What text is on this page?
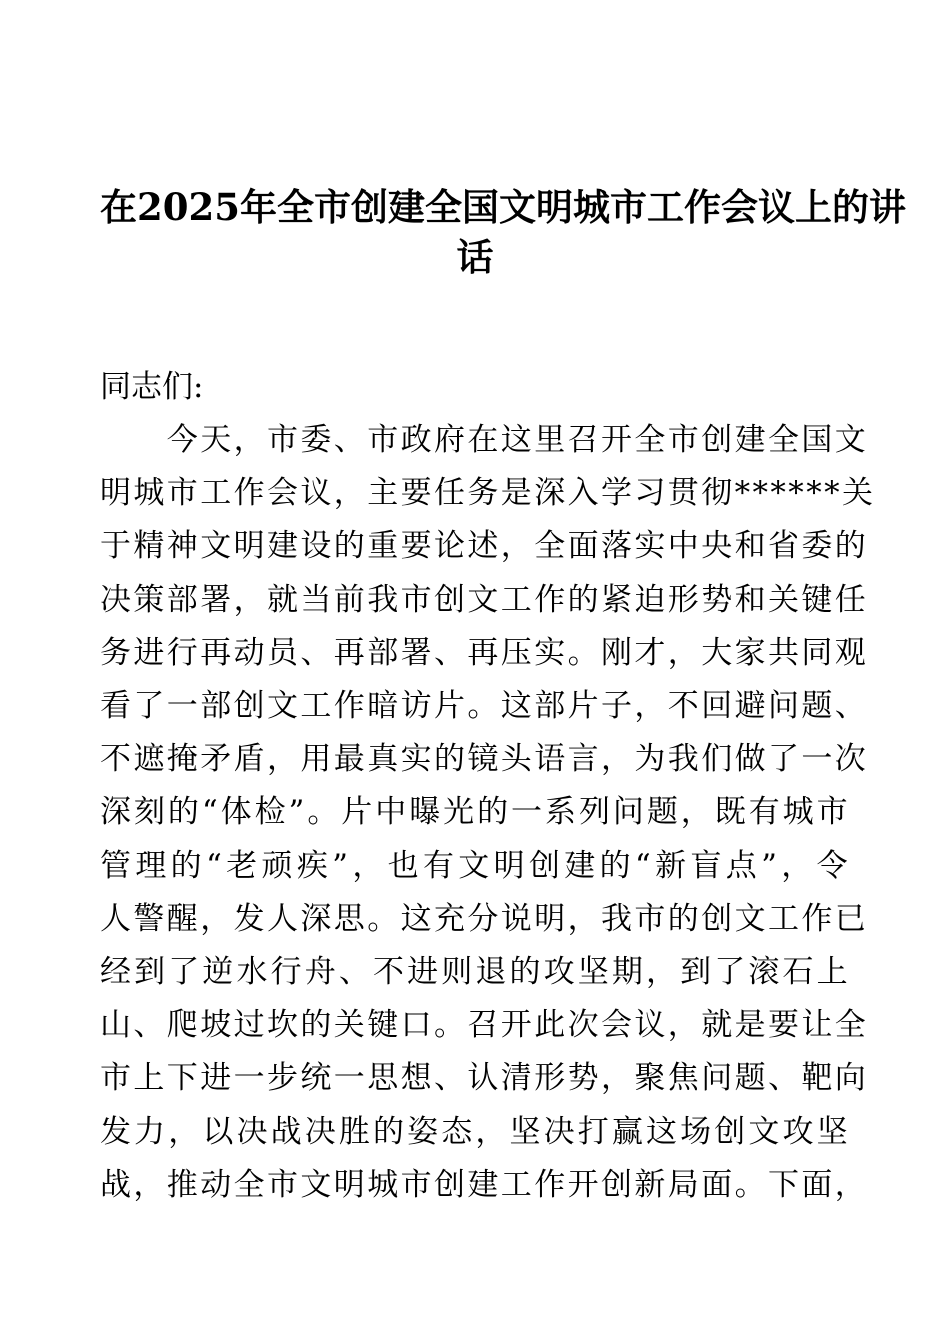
在2025年全市创建全国文明城市工作会议上的讲
话

同志们:

　　今天，市委、市政府在这里召开全市创建全国文
明城市工作会议，主要任务是深入学习贯彻******关
于精神文明建设的重要论述，全面落实中央和省委的
决策部署，就当前我市创文工作的紧迫形势和关键任
务进行再动员、再部署、再压实。刚才，大家共同观
看了一部创文工作暗访片。这部片子，不回避问题、
不遮掩矛盾，用最真实的镜头语言，为我们做了一次
深刻的“体检”。片中曝光的一系列问题，既有城市
管理的“老顽疾”，也有文明创建的“新盲点”，令
人警醒，发人深思。这充分说明，我市的创文工作已
经到了逆水行舟、不进则退的攻坚期，到了滚石上
山、爬坡过坎的关键口。召开此次会议，就是要让全
市上下进一步统一思想、认清形势，聚焦问题、靶向
发力，以决战决胜的姿态，坚决打赢这场创文攻坚
战，推动全市文明城市创建工作开创新局面。下面，
